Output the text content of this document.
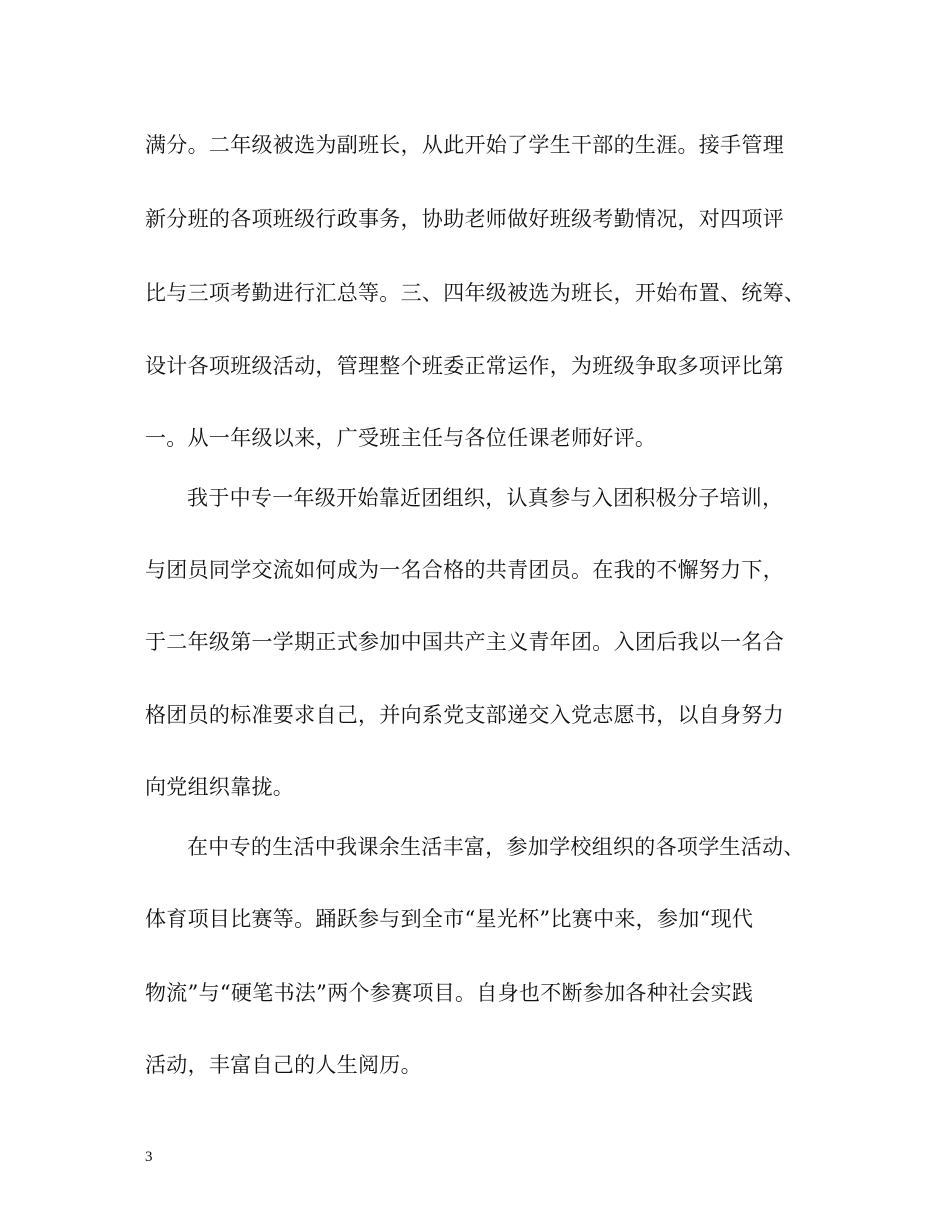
满分。二年级被选为副班长，从此开始了学生干部的生涯。接手管理
新分班的各项班级行政事务，协助老师做好班级考勤情况，对四项评
比与三项考勤进行汇总等。三、四年级被选为班长，开始布置、统筹、
设计各项班级活动，管理整个班委正常运作，为班级争取多项评比第
一。从一年级以来，广受班主任与各位任课老师好评。
我于中专一年级开始靠近团组织，认真参与入团积极分子培训，
与团员同学交流如何成为一名合格的共青团员。在我的不懈努力下，
于二年级第一学期正式参加中国共产主义青年团。入团后我以一名合
格团员的标准要求自己，并向系党支部递交入党志愿书，以自身努力
向党组织靠拢。
在中专的生活中我课余生活丰富，参加学校组织的各项学生活动、
体育项目比赛等。踊跃参与到全市“星光杯”比赛中来，参加“现代
物流”与“硬笔书法”两个参赛项目。自身也不断参加各种社会实践
活动，丰富自己的人生阅历。
3
